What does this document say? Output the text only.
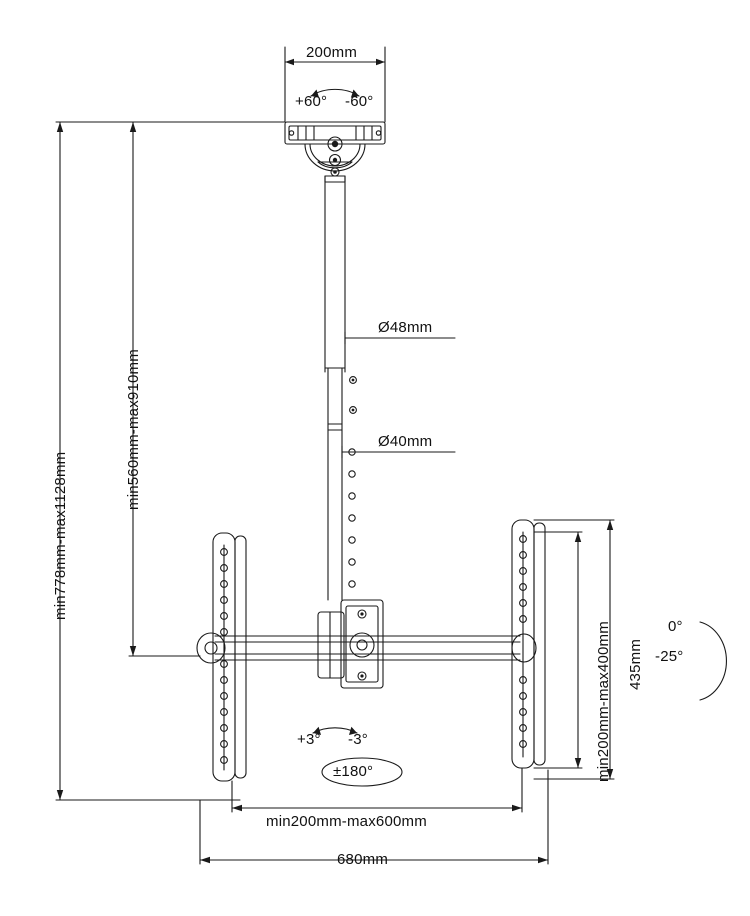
200mm
+60° -60°
Ø48mm
Ø40mm
min778mm-max1128mm
min560mm-max910mm
435mm
min200mm-max400mm
+3° -3°
±180°
0°
-25°
min200mm-max600mm
680mm
